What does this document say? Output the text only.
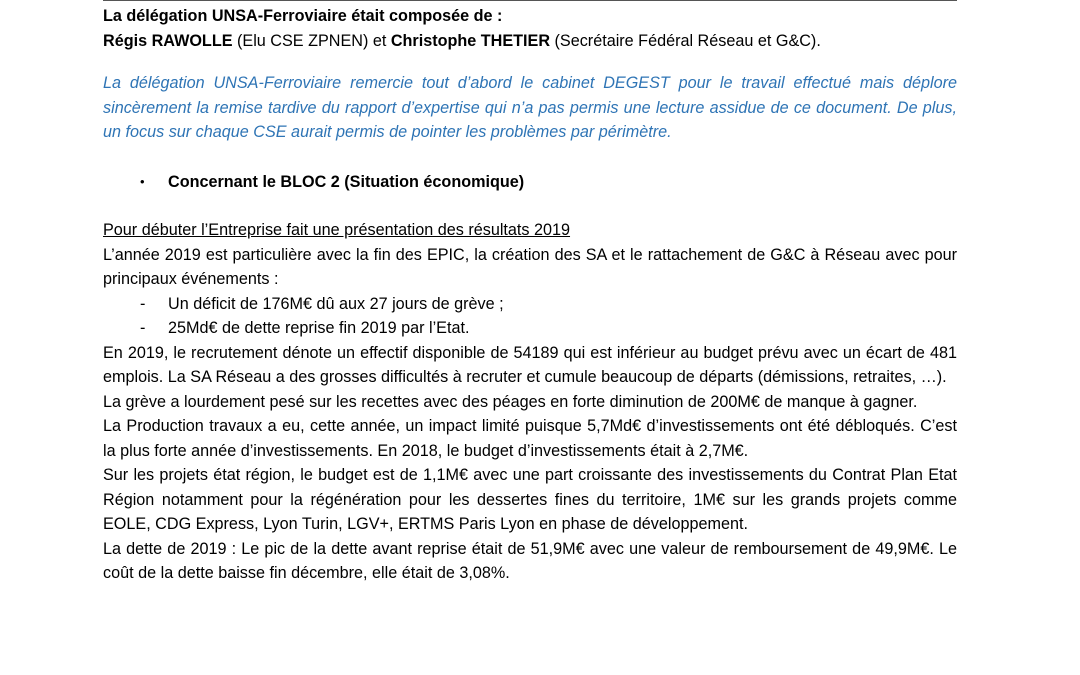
La délégation UNSA-Ferroviaire était composée de :

Régis RAWOLLE (Elu CSE ZPNEN) et Christophe THETIER (Secrétaire Fédéral Réseau et G&C).

La délégation UNSA-Ferroviaire remercie tout d’abord le cabinet DEGEST pour le travail effectué mais déplore sincèrement la remise tardive du rapport d’expertise qui n’a pas permis une lecture assidue de ce document. De plus, un focus sur chaque CSE aurait permis de pointer les problèmes par périmètre.

•	Concernant le BLOC 2 (Situation économique)

Pour débuter l’Entreprise fait une présentation des résultats 2019

L’année 2019 est particulière avec la fin des EPIC, la création des SA et le rattachement de G&C à Réseau avec pour principaux événements :

-	Un déficit de 176M€ dû aux 27 jours de grève ;
-	25Md€ de dette reprise fin 2019 par l’Etat.

En 2019, le recrutement dénote un effectif disponible de 54189 qui est inférieur au budget prévu avec un écart de 481 emplois. La SA Réseau a des grosses difficultés à recruter et cumule beaucoup de départs (démissions, retraites, …).

La grève a lourdement pesé sur les recettes avec des péages en forte diminution de 200M€ de manque à gagner.

La Production travaux a eu, cette année, un impact limité puisque 5,7Md€ d’investissements ont été débloqués. C’est la plus forte année d’investissements. En 2018, le budget d’investissements était à 2,7M€.

Sur les projets état région, le budget est de 1,1M€ avec une part croissante des investissements du Contrat Plan Etat Région notamment pour la régénération pour les dessertes fines du territoire, 1M€ sur les grands projets comme EOLE, CDG Express, Lyon Turin, LGV+, ERTMS Paris Lyon en phase de développement.

La dette de 2019 : Le pic de la dette avant reprise était de 51,9M€ avec une valeur de remboursement de 49,9M€. Le coût de la dette baisse fin décembre, elle était de 3,08%.
